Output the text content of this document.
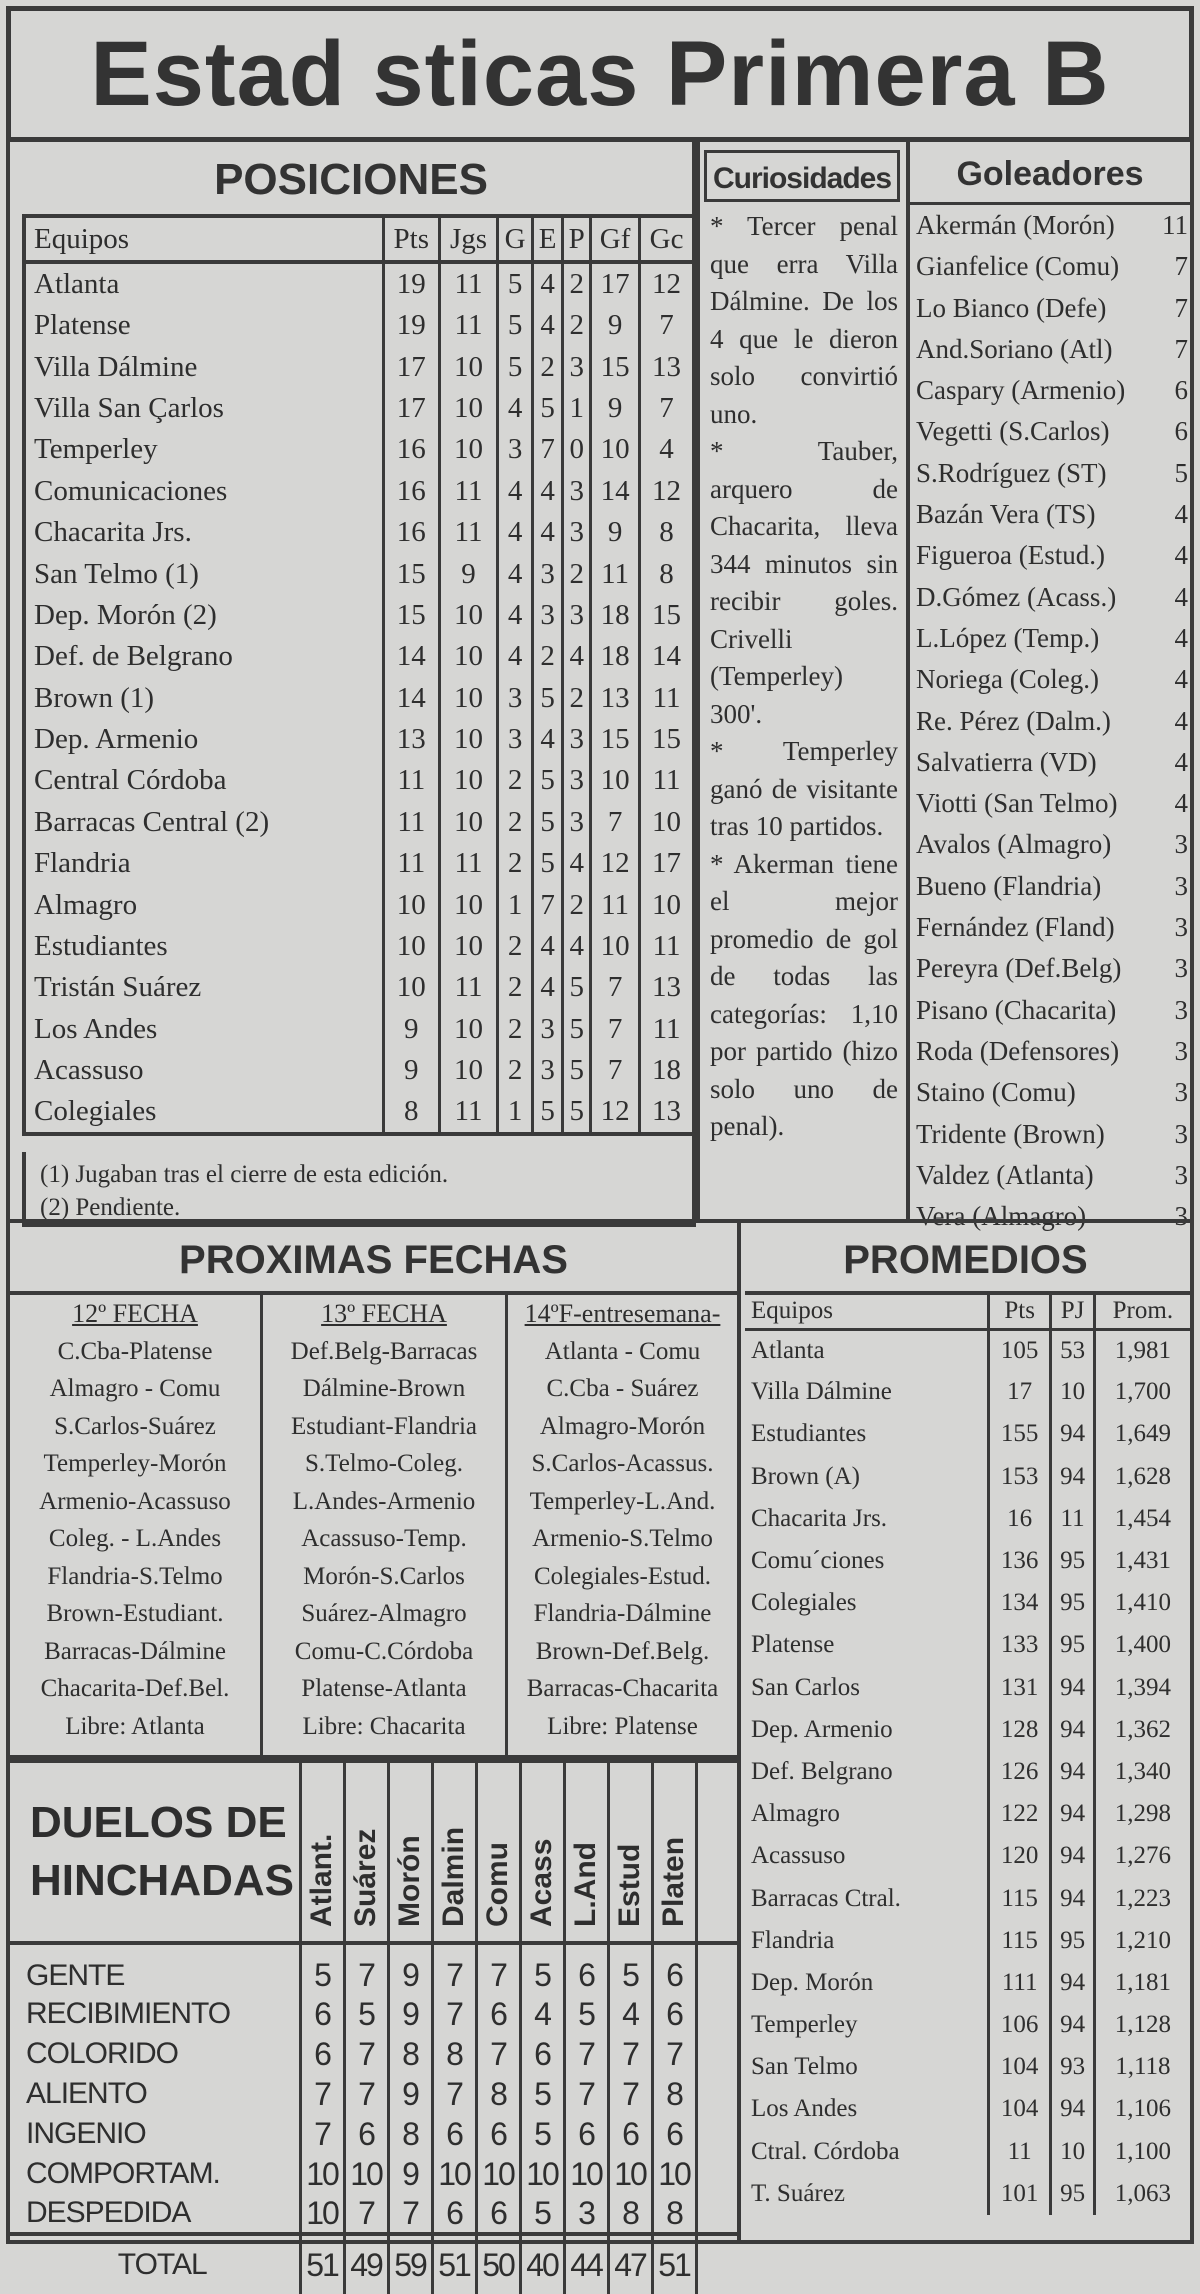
Estad sticas Primera B
POSICIONES
Equipos	Pts	Jgs	G	E	P	Gf	Gc
Atlanta	19	11	5	4	2	17	12
Platense	19	11	5	4	2	9	7
Villa Dálmine	17	10	5	2	3	15	13
Villa San Çarlos	17	10	4	5	1	9	7
Temperley	16	10	3	7	0	10	4
Comunicaciones	16	11	4	4	3	14	12
Chacarita Jrs.	16	11	4	4	3	9	8
San Telmo (1)	15	9	4	3	2	11	8
Dep. Morón (2)	15	10	4	3	3	18	15
Def. de Belgrano	14	10	4	2	4	18	14
Brown (1)	14	10	3	5	2	13	11
Dep. Armenio	13	10	3	4	3	15	15
Central Córdoba	11	10	2	5	3	10	11
Barracas Central (2)	11	10	2	5	3	7	10
Flandria	11	11	2	5	4	12	17
Almagro	10	10	1	7	2	11	10
Estudiantes	10	10	2	4	4	10	11
Tristán Suárez	10	11	2	4	5	7	13
Los Andes	9	10	2	3	5	7	11
Acassuso	9	10	2	3	5	7	18
Colegiales	8	11	1	5	5	12	13
(1) Jugaban tras el cierre de esta edición.
(2) Pendiente.
Curiosidades

* Tercer penal que erra Villa Dálmine. De los 4 que le dieron solo convirtió uno.

* Tauber, arquero de Chacarita, lleva 344 minutos sin recibir goles. Crivelli (Temperley) 300'.

* Temperley ganó de visitante tras 10 partidos.

* Akerman tiene el mejor promedio de gol de todas las categorías: 1,10 por partido (hizo solo uno de penal).

Goleadores
Akermán (Morón) 11
Gianfelice (Comu) 7
Lo Bianco (Defe)	7
And.Soriano (Atl) 7
Caspary (Armenio) 6
Vegetti (S.Carlos) 6
S.Rodríguez (ST)	5
Bazán Vera (TS)	4
Figueroa (Estud.)	4
D.Gómez (Acass.) 4
L.López (Temp.)	4
Noriega (Coleg.)	4
Re. Pérez (Dalm.) 4
Salvatierra (VD)	4
Viotti (San Telmo) 4
Avalos (Almagro) 3
Bueno (Flandria)	3
Fernández (Fland) 3
Pereyra (Def.Belg) 3
Pisano (Chacarita) 3
Roda (Defensores) 3
Staino (Comu)	3
Tridente (Brown)	3
Valdez (Atlanta)	3
Vera (Almagro)	3
PROXIMAS FECHAS
12º FECHA
C.Cba-Platense
Almagro - Comu
S.Carlos-Suárez
Temperley-Morón
Armenio-Acassuso
Coleg. - L.Andes
Flandria-S.Telmo
Brown-Estudiant.
Barracas-Dálmine
Chacarita-Def.Bel.
Libre: Atlanta
13º FECHA
Def.Belg-Barracas
Dálmine-Brown
Estudiant-Flandria
S.Telmo-Coleg.
L.Andes-Armenio
Acassuso-Temp.
Morón-S.Carlos
Suárez-Almagro
Comu-C.Córdoba
Platense-Atlanta
Libre: Chacarita
14ºF-entresemana-
Atlanta - Comu
C.Cba - Suárez
Almagro-Morón
S.Carlos-Acassus.
Temperley-L.And.
Armenio-S.Telmo
Colegiales-Estud.
Flandria-Dálmine
Brown-Def.Belg.
Barracas-Chacarita
Libre: Platense
PROMEDIOS
Equipos	Pts	PJ	Prom.
Atlanta	105	53	1,981
Villa Dálmine	17	10	1,700
Estudiantes	155	94	1,649
Brown (A)	153	94	1,628
Chacarita Jrs.	16	11	1,454
Comu´ciones	136	95	1,431
Colegiales	134	95	1,410
Platense	133	95	1,400
San Carlos	131	94	1,394
Dep. Armenio	128	94	1,362
Def. Belgrano	126	94	1,340
Almagro	122	94	1,298
Acassuso	120	94	1,276
Barracas Ctral.	115	94	1,223
Flandria	115	95	1,210
Dep. Morón	111	94	1,181
Temperley	106	94	1,128
San Telmo	104	93	1,118
Los Andes	104	94	1,106
Ctral. Córdoba	11	10	1,100
T. Suárez	101	95	1,063
DUELOS DE
HINCHADAS	Atlant.	Suárez	Morón	Dalmin	Comu	Acass	L.And	Estud	Platen	
GENTE	5	7	9	7	7	5	6	5	6	
RECIBIMIENTO	6	5	9	7	6	4	5	4	6	
COLORIDO	6	7	8	8	7	6	7	7	7	
ALIENTO	7	7	9	7	8	5	7	7	8	
INGENIO	7	6	8	6	6	5	6	6	6	
COMPORTAM.	10	10	9	10	10	10	10	10	10	
DESPEDIDA	10	7	7	6	6	5	3	8	8	
TOTAL	51	49	59	51	50	40	44	47	51	
